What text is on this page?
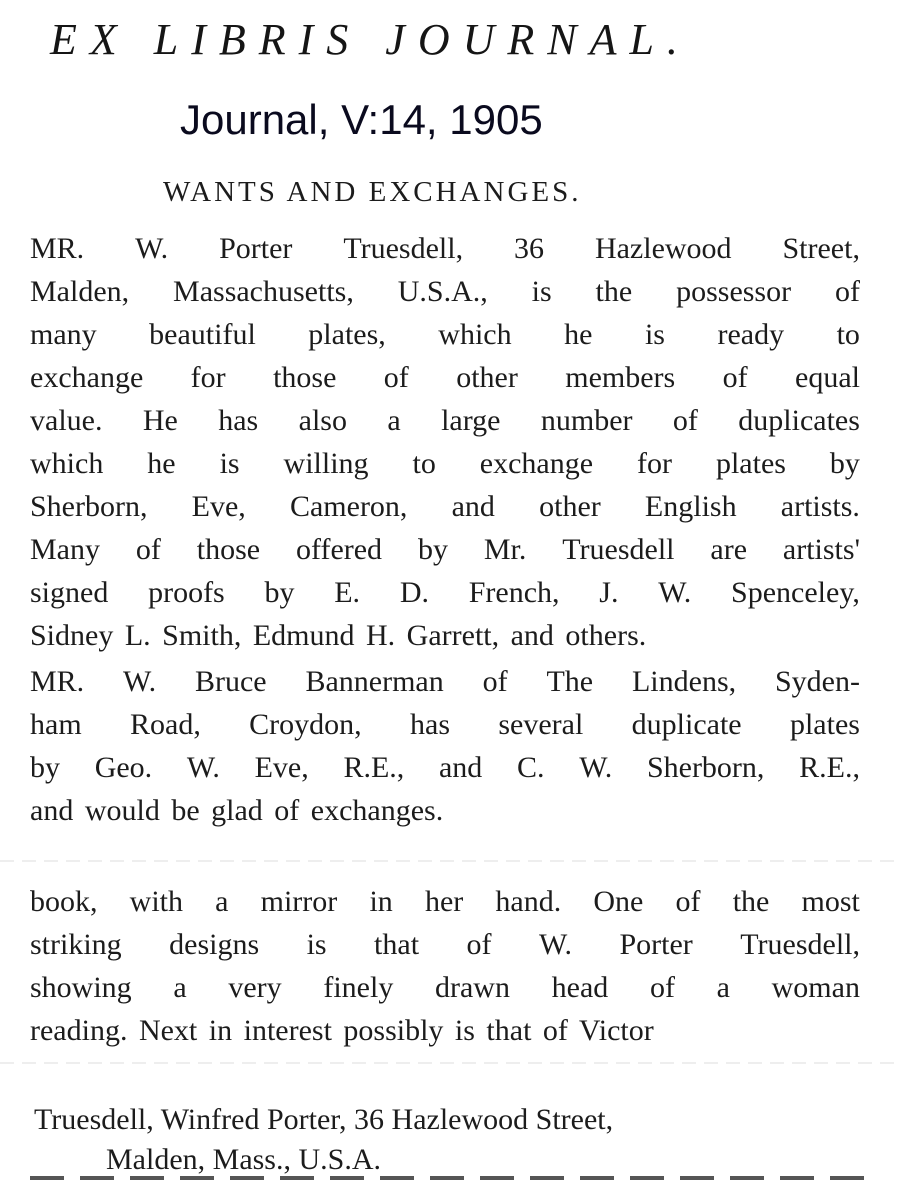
EX LIBRIS JOURNAL.
Journal, V:14, 1905
WANTS AND EXCHANGES.
MR. W. Porter Truesdell, 36 Hazlewood Street,
Malden, Massachusetts, U.S.A., is the possessor of
many beautiful plates, which he is ready to
exchange for those of other members of equal
value. He has also a large number of duplicates
which he is willing to exchange for plates by
Sherborn, Eve, Cameron, and other English artists.
Many of those offered by Mr. Truesdell are artists'
signed proofs by E. D. French, J. W. Spenceley,
Sidney L. Smith, Edmund H. Garrett, and others.
MR. W. Bruce Bannerman of The Lindens, Syden-
ham Road, Croydon, has several duplicate plates
by Geo. W. Eve, R.E., and C. W. Sherborn, R.E.,
and would be glad of exchanges.
book, with a mirror in her hand. One of the most
striking designs is that of W. Porter Truesdell,
showing a very finely drawn head of a woman
reading. Next in interest possibly is that of Victor
Truesdell, Winfred Porter, 36 Hazlewood Street,
Malden, Mass., U.S.A.
